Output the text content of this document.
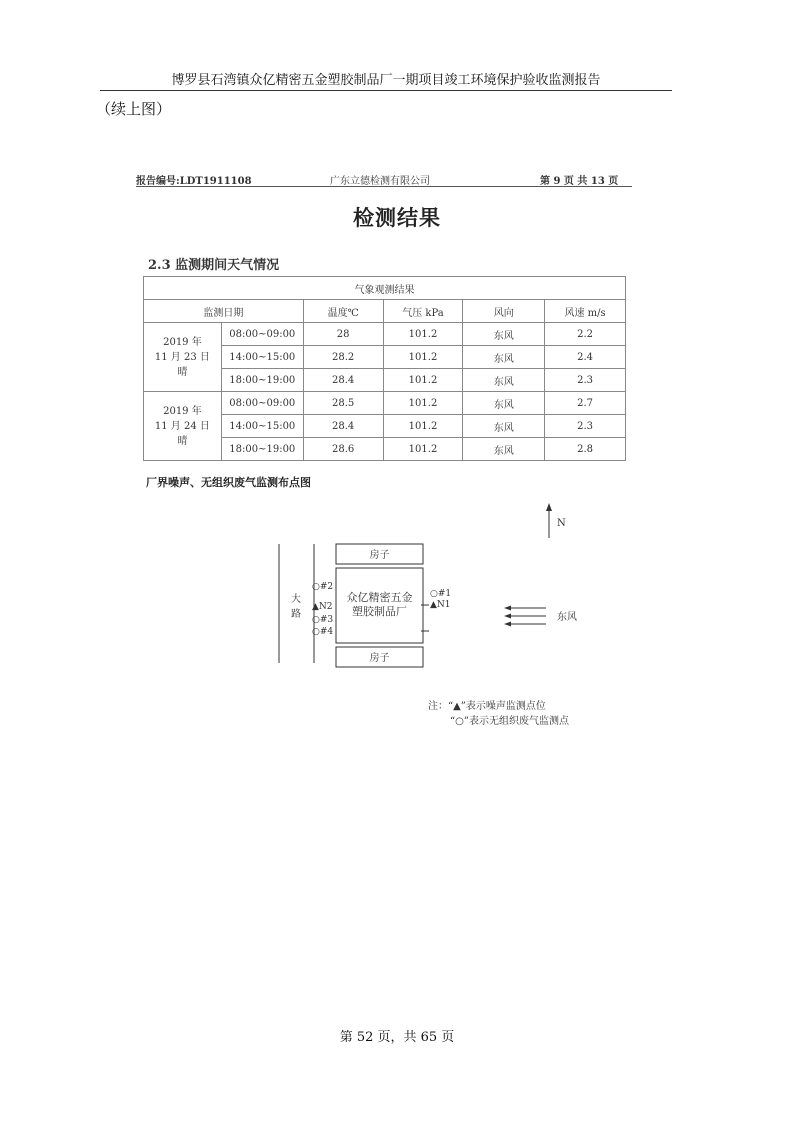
博罗县石湾镇众亿精密五金塑胶制品厂一期项目竣工环境保护验收监测报告
（续上图）
报告编号:LDT1911108	广东立德检测有限公司	第 9 页 共 13 页
检测结果
2.3 监测期间天气情况
气象观测结果					
监测日期		温度℃	气压 kPa	风向	风速 m/s

2019 年
11 月 23 日
晴	08:00~09:00	28	101.2	东风	2.2
	14:00~15:00	28.2	101.2	东风	2.4
	18:00~19:00	28.4	101.2	东风	2.3

2019 年
11 月 24 日
晴	08:00~09:00	28.5	101.2	东风	2.7
	14:00~15:00	28.4	101.2	东风	2.3
	18:00~19:00	28.6	101.2	东风	2.8
厂界噪声、无组织废气监测布点图
N
大
路
房子
房子
众亿精密五金
塑胶制品厂
○#2
▲N2
○#3
○#4
○#1
▲N1
东风
注：“▲”表示噪声监测点位
“○”表示无组织废气监测点
第 52 页，共 65 页
